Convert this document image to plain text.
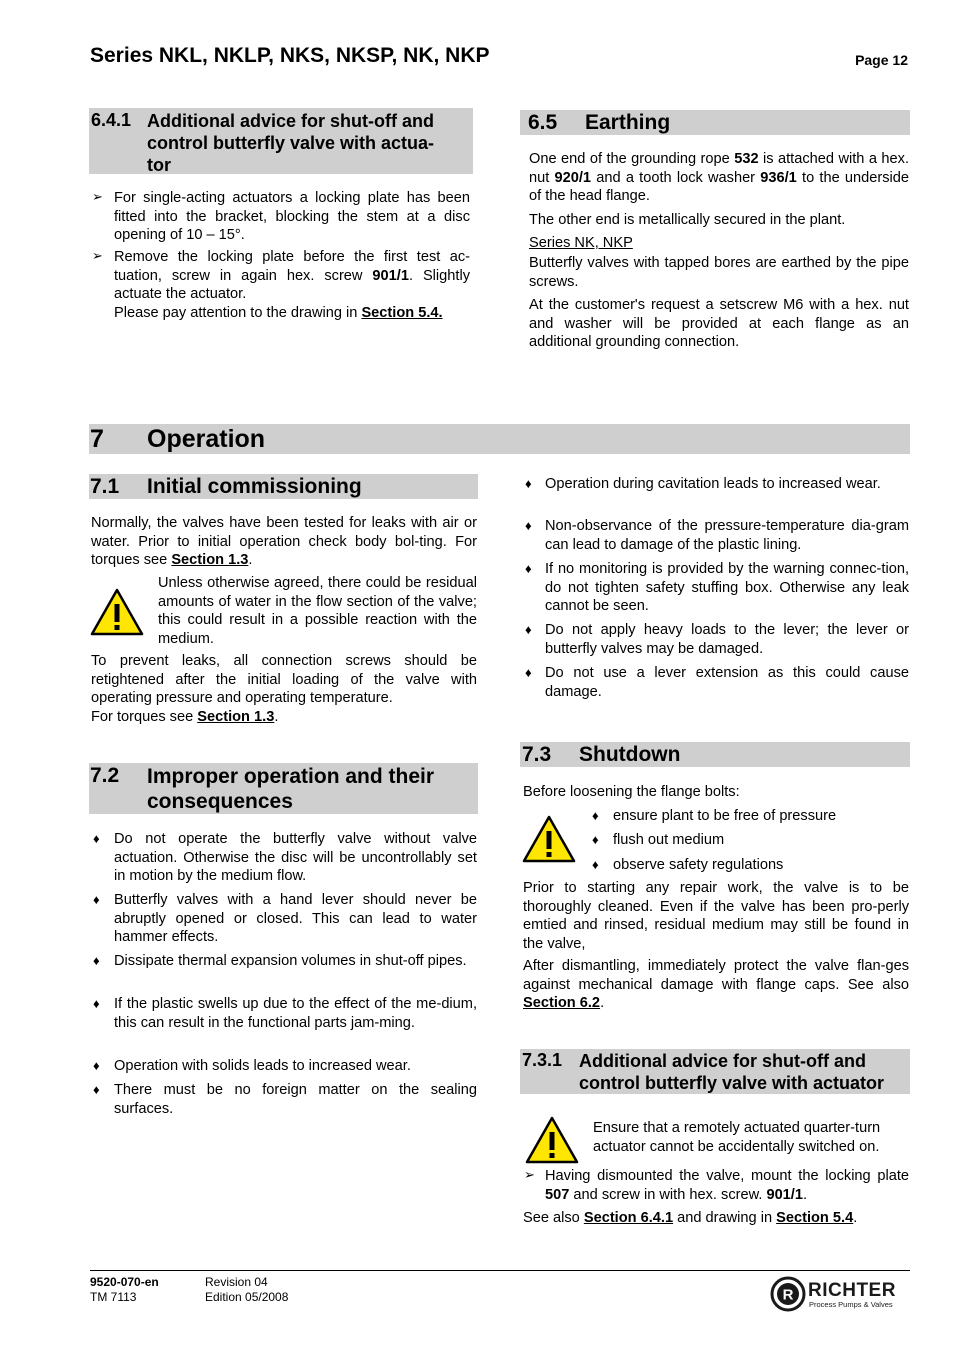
Series NKL, NKLP, NKS, NKSP, NK, NKP	Page 12
6.4.1 Additional advice for shut-off and
control butterfly valve with actua-
tor
➢ For single-acting actuators a locking plate has been fitted into the bracket, blocking the stem at a disc opening of 10 – 15°.
➢ Remove the locking plate before the first test ac-tuation, screw in again hex. screw 901/1. Slightly actuate the actuator.
Please pay attention to the drawing in Section 5.4.
6.5 Earthing

One end of the grounding rope 532 is attached with a hex. nut 920/1 and a tooth lock washer 936/1 to the underside of the head flange.

The other end is metallically secured in the plant.

Series NK, NKP

Butterfly valves with tapped bores are earthed by the pipe screws.

At the customer's request a setscrew M6 with a hex. nut and washer will be provided at each flange as an additional grounding connection.

7 Operation
7.1 Initial commissioning

Normally, the valves have been tested for leaks with air or water. Prior to initial operation check body bol-ting. For torques see Section 1.3.

Unless otherwise agreed, there could be residual amounts of water in the flow section of the valve; this could result in a possible reaction with the medium.

To prevent leaks, all connection screws should be retightened after the initial loading of the valve with operating pressure and operating temperature.
For torques see Section 1.3.

7.2 Improper operation and their
consequences
♦ Do not operate the butterfly valve without valve actuation. Otherwise the disc will be uncontrollably set in motion by the medium flow.
♦ Butterfly valves with a hand lever should never be abruptly opened or closed. This can lead to water hammer effects.
♦ Dissipate thermal expansion volumes in shut-off pipes.
♦ If the plastic swells up due to the effect of the me-dium, this can result in the functional parts jam-ming.
♦ Operation with solids leads to increased wear.
♦ There must be no foreign matter on the sealing surfaces.
♦ Operation during cavitation leads to increased wear.
♦ Non-observance of the pressure-temperature dia-gram can lead to damage of the plastic lining.
♦ If no monitoring is provided by the warning connec-tion, do not tighten safety stuffing box. Otherwise any leak cannot be seen.
♦ Do not apply heavy loads to the lever; the lever or butterfly valves may be damaged.
♦ Do not use a lever extension as this could cause damage.
7.3 Shutdown

Before loosening the flange bolts:

♦ ensure plant to be free of pressure
♦ flush out medium
♦ observe safety regulations

Prior to starting any repair work, the valve is to be thoroughly cleaned. Even if the valve has been pro-perly emtied and rinsed, residual medium may still be found in the valve,

After dismantling, immediately protect the valve flan-ges against mechanical damage with flange caps. See also Section 6.2.

7.3.1 Additional advice for shut-off and
control butterfly valve with actuator

Ensure that a remotely actuated quarter-turn actuator cannot be accidentally switched on.

➢ Having dismounted the valve, mount the locking plate 507 and screw in with hex. screw. 901/1.

See also Section 6.4.1 and drawing in Section 5.4.

9520-070-en
TM 7113
Revision 04
Edition 05/2008	R RICHTER
Process Pumps & Valves
